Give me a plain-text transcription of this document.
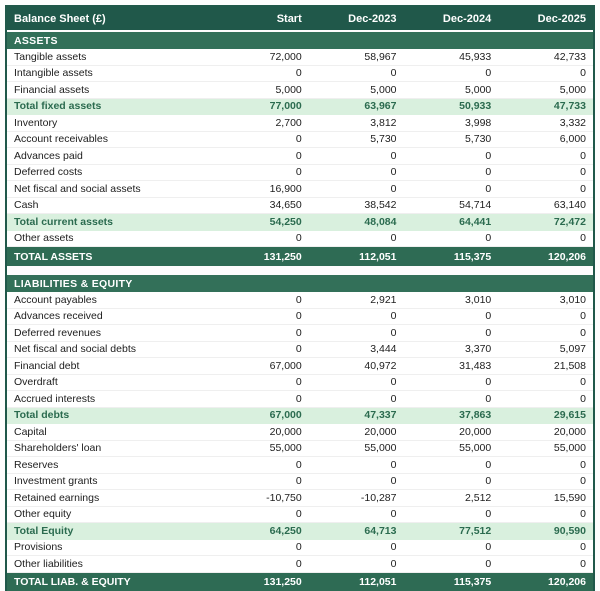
Balance Sheet (£)	Start	Dec-2023	Dec-2024	Dec-2025
ASSETS
Tangible assets	72,000	58,967	45,933	42,733
Intangible assets	0	0	0	0
Financial assets	5,000	5,000	5,000	5,000
Total fixed assets	77,000	63,967	50,933	47,733
Inventory	2,700	3,812	3,998	3,332
Account receivables	0	5,730	5,730	6,000
Advances paid	0	0	0	0
Deferred costs	0	0	0	0
Net fiscal and social assets	16,900	0	0	0
Cash	34,650	38,542	54,714	63,140
Total current assets	54,250	48,084	64,441	72,472
Other assets	0	0	0	0
TOTAL ASSETS	131,250	112,051	115,375	120,206
LIABILITIES & EQUITY
Account payables	0	2,921	3,010	3,010
Advances received	0	0	0	0
Deferred revenues	0	0	0	0
Net fiscal and social debts	0	3,444	3,370	5,097
Financial debt	67,000	40,972	31,483	21,508
Overdraft	0	0	0	0
Accrued interests	0	0	0	0
Total debts	67,000	47,337	37,863	29,615
Capital	20,000	20,000	20,000	20,000
Shareholders' loan	55,000	55,000	55,000	55,000
Reserves	0	0	0	0
Investment grants	0	0	0	0
Retained earnings	-10,750	-10,287	2,512	15,590
Other equity	0	0	0	0
Total Equity	64,250	64,713	77,512	90,590
Provisions	0	0	0	0
Other liabilities	0	0	0	0
TOTAL LIAB. & EQUITY	131,250	112,051	115,375	120,206
